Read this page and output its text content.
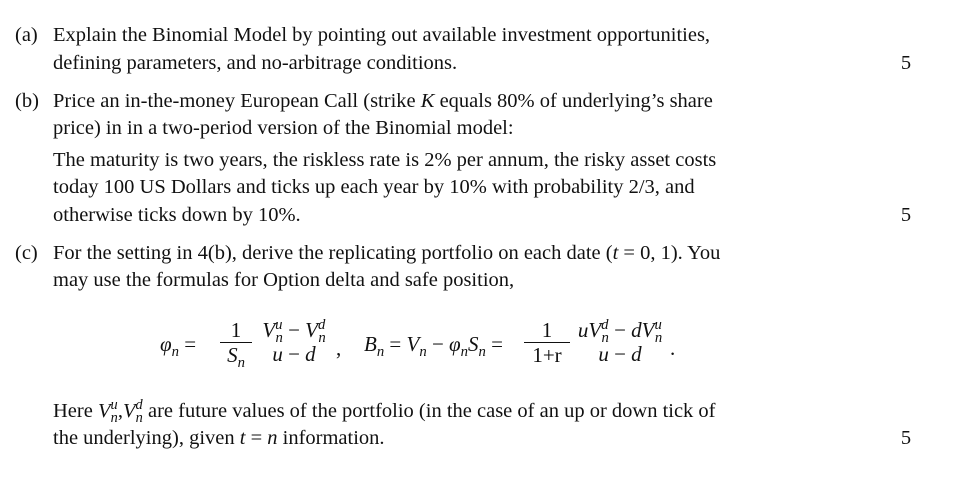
(a) Explain the Binomial Model by pointing out available investment opportunities,
defining parameters, and no-arbitrage conditions.	5
(b) Price an in-the-money European Call (strike K equals 80% of underlying’s share
price) in in a two-period version of the Binomial model:
The maturity is two years, the riskless rate is 2% per annum, the risky asset costs
today 100 US Dollars and ticks up each year by 10% with probability 2/3, and
otherwise ticks down by 10%.	5
(c) For the setting in 4(b), derive the replicating portfolio on each date (t = 0, 1). You
may use the formulas for Option delta and safe position,
$\varphi_n = \frac{1}{S_n} V^u_n - V^d_n$
u − d , $B_n = V_n - \varphi_nS_n = \frac{1}{1+r} uV^d_n - dV^u_n$
u − d	.
Here $V^u_n,V^d_n$ are future values of the portfolio (in the case of an up or down tick of
the underlying), given t = n information.	5
